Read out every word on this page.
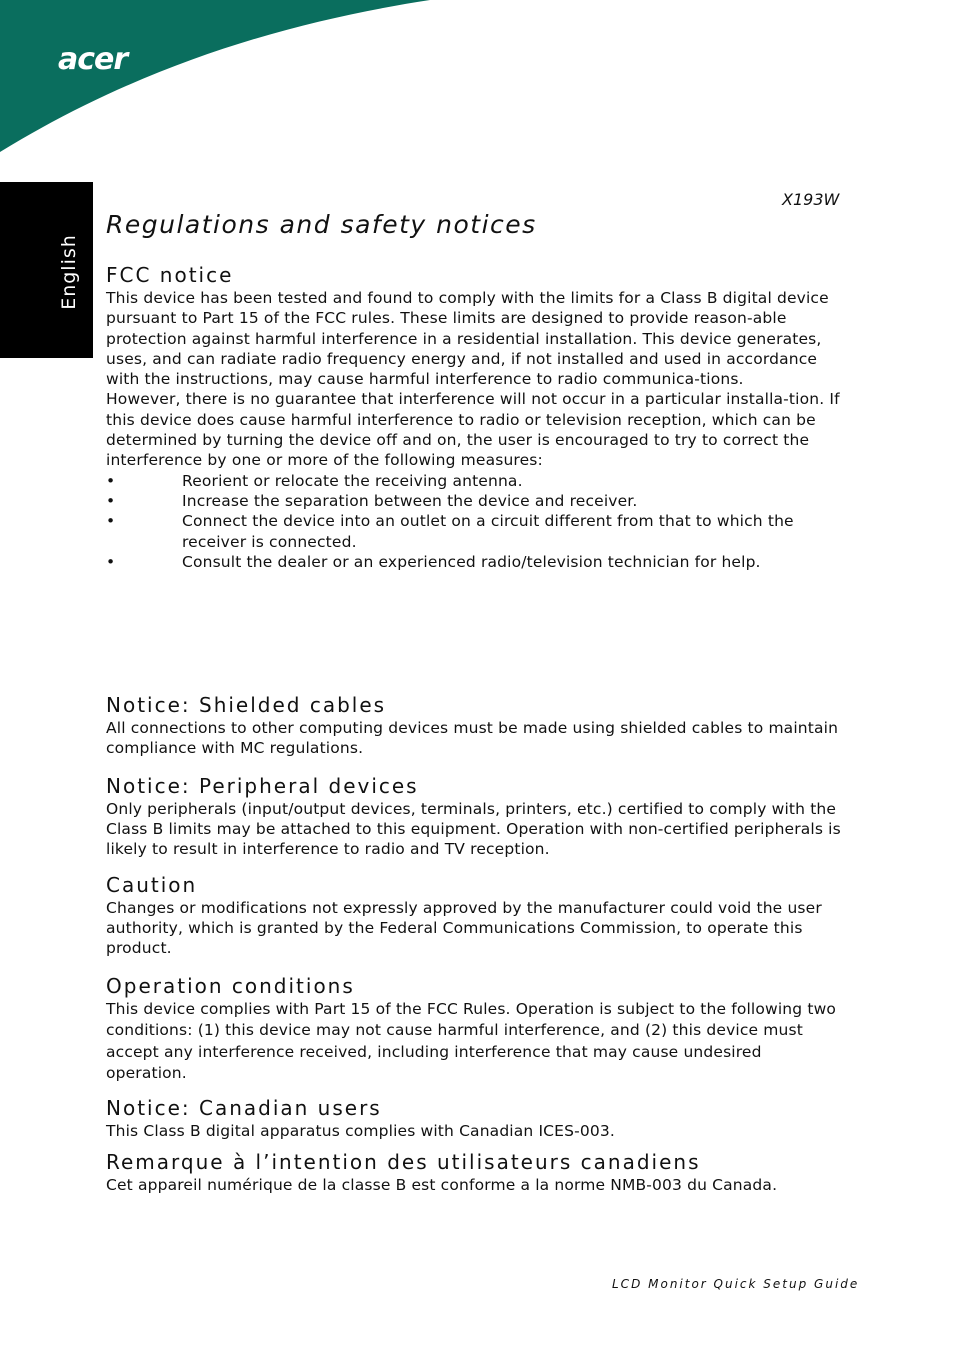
acer
English
X193W
Regulations and safety notices
FCC notice

This device has been tested and found to comply with the limits for a Class B digital device pursuant to Part 15 of the FCC rules. These limits are designed to provide reason-able protection against harmful interference in a residential installation. This device generates, uses, and can radiate radio frequency energy and, if not installed and used in accordance with the instructions, may cause harmful interference to radio communica-tions.

However, there is no guarantee that interference will not occur in a particular installa-tion. If this device does cause harmful interference to radio or television reception, which can be determined by turning the device off and on, the user is encouraged to try to correct the interference by one or more of the following measures:

•	Reorient or relocate the receiving antenna.
•	Increase the separation between the device and receiver.
•	Connect the device into an outlet on a circuit different from that to which the receiver is connected.
•	Consult the dealer or an experienced radio/television technician for help.
Notice: Shielded cables

All connections to other computing devices must be made using shielded cables to maintain compliance with MC regulations.

Notice: Peripheral devices

Only peripherals (input/output devices, terminals, printers, etc.) certified to comply with the Class B limits may be attached to this equipment. Operation with non-certified peripherals is likely to result in interference to radio and TV reception.

Caution

Changes or modifications not expressly approved by the manufacturer could void the user authority, which is granted by the Federal Communications Commission, to operate this product.

Operation conditions

This device complies with Part 15 of the FCC Rules. Operation is subject to the following two conditions: (1) this device may not cause harmful interference, and (2) this device must accept any interference received, including interference that may cause undesired operation.

Notice: Canadian users

This Class B digital apparatus complies with Canadian ICES-003.

Remarque à l’intention des utilisateurs canadiens

Cet appareil numérique de la classe B est conforme a la norme NMB-003 du Canada.

LCD Monitor Quick Setup Guide
